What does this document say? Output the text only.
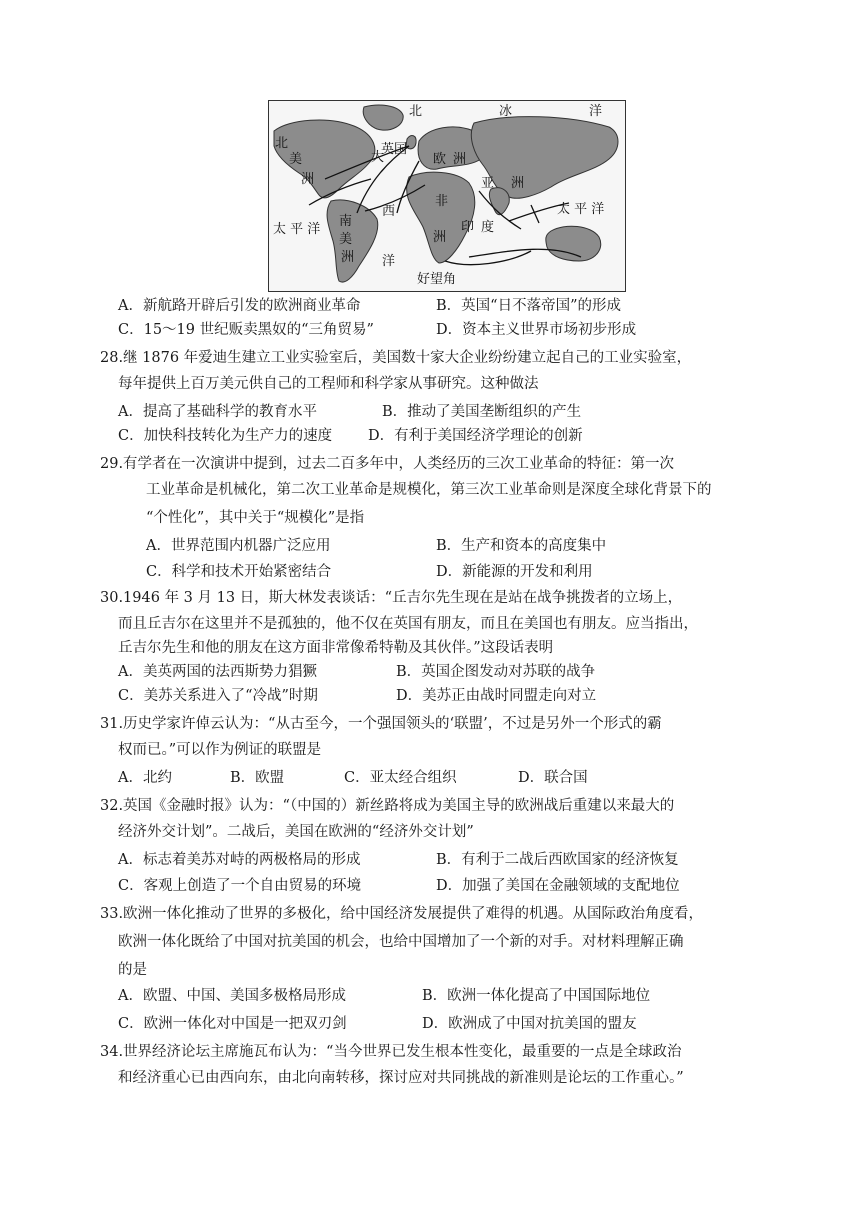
北	冰	洋
北
美
洲
大
西
洋
英国
欧 洲
非
洲
亚 洲
太 平 洋
太 平 洋
南
美
洲
印 度
好望角
A．新航路开辟后引发的欧洲商业革命	B．英国“日不落帝国”的形成
C．15～19 世纪贩卖黑奴的“三角贸易”	D．资本主义世界市场初步形成
28.继 1876 年爱迪生建立工业实验室后，美国数十家大企业纷纷建立起自己的工业实验室，
每年提供上百万美元供自己的工程师和科学家从事研究。这种做法
A．提高了基础科学的教育水平	B．推动了美国垄断组织的产生
C．加快科技转化为生产力的速度 D．有利于美国经济学理论的创新
29.有学者在一次演讲中提到，过去二百多年中，人类经历的三次工业革命的特征：第一次
工业革命是机械化，第二次工业革命是规模化，第三次工业革命则是深度全球化背景下的
“个性化”，其中关于“规模化”是指
A．世界范围内机器广泛应用	B．生产和资本的高度集中
C．科学和技术开始紧密结合	D．新能源的开发和利用
30.1946 年 3 月 13 日，斯大林发表谈话：“丘吉尔先生现在是站在战争挑拨者的立场上，
而且丘吉尔在这里并不是孤独的，他不仅在英国有朋友，而且在美国也有朋友。应当指出，
丘吉尔先生和他的朋友在这方面非常像希特勒及其伙伴。”这段话表明
A．美英两国的法西斯势力猖獗	B．英国企图发动对苏联的战争
C．美苏关系进入了“冷战”时期	D．美苏正由战时同盟走向对立
31.历史学家许倬云认为：“从古至今，一个强国领头的‘联盟’，不过是另外一个形式的霸
权而已。”可以作为例证的联盟是
A．北约	B．欧盟	C．亚太经合组织	D．联合国
32.英国《金融时报》认为：“（中国的）新丝路将成为美国主导的欧洲战后重建以来最大的
经济外交计划”。二战后，美国在欧洲的“经济外交计划”
A．标志着美苏对峙的两极格局的形成	B．有利于二战后西欧国家的经济恢复
C．客观上创造了一个自由贸易的环境	D．加强了美国在金融领域的支配地位
33.欧洲一体化推动了世界的多极化，给中国经济发展提供了难得的机遇。从国际政治角度看，
欧洲一体化既给了中国对抗美国的机会，也给中国增加了一个新的对手。对材料理解正确
的是
A．欧盟、中国、美国多极格局形成	B．欧洲一体化提高了中国国际地位
C．欧洲一体化对中国是一把双刃剑	D．欧洲成了中国对抗美国的盟友
34.世界经济论坛主席施瓦布认为：“当今世界已发生根本性变化，最重要的一点是全球政治
和经济重心已由西向东，由北向南转移，探讨应对共同挑战的新准则是论坛的工作重心。”
